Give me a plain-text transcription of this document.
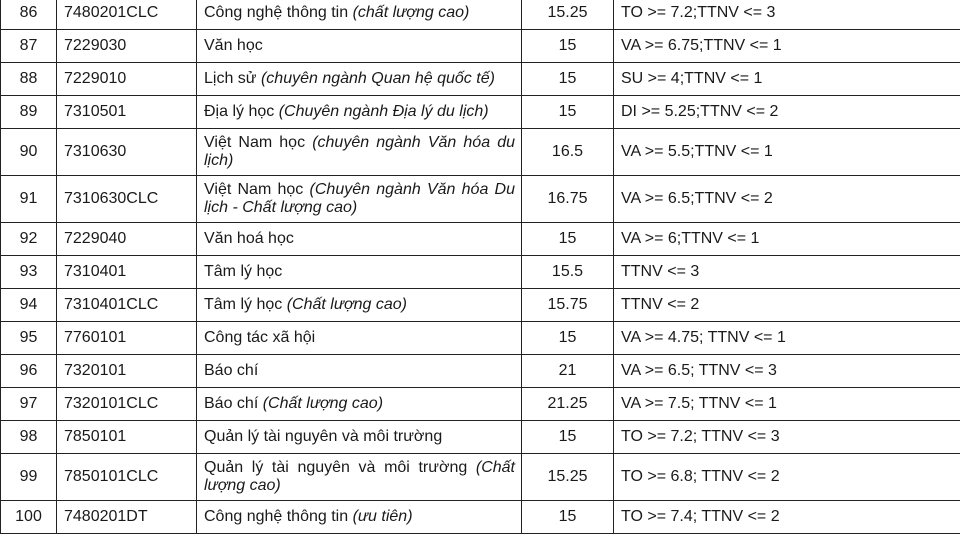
86	7480201CLC	Công nghệ thông tin (chất lượng cao)	15.25	TO >= 7.2;TTNV <= 3
87	7229030	Văn học	15	VA >= 6.75;TTNV <= 1
88	7229010	Lịch sử (chuyên ngành Quan hệ quốc tế)	15	SU >= 4;TTNV <= 1
89	7310501	Địa lý học (Chuyên ngành Địa lý du lịch)	15	DI >= 5.25;TTNV <= 2
90	7310630	Việt Nam học (chuyên ngành Văn hóa du lịch)	16.5	VA >= 5.5;TTNV <= 1
91	7310630CLC	Việt Nam học (Chuyên ngành Văn hóa Du lịch - Chất lượng cao)	16.75	VA >= 6.5;TTNV <= 2
92	7229040	Văn hoá học	15	VA >= 6;TTNV <= 1
93	7310401	Tâm lý học	15.5	TTNV <= 3
94	7310401CLC	Tâm lý học (Chất lượng cao)	15.75	TTNV <= 2
95	7760101	Công tác xã hội	15	VA >= 4.75; TTNV <= 1
96	7320101	Báo chí	21	VA >= 6.5; TTNV <= 3
97	7320101CLC	Báo chí (Chất lượng cao)	21.25	VA >= 7.5; TTNV <= 1
98	7850101	Quản lý tài nguyên và môi trường	15	TO >= 7.2; TTNV <= 3
99	7850101CLC	Quản lý tài nguyên và môi trường (Chất lượng cao)	15.25	TO >= 6.8; TTNV <= 2
100	7480201DT	Công nghệ thông tin (ưu tiên)	15	TO >= 7.4; TTNV <= 2
